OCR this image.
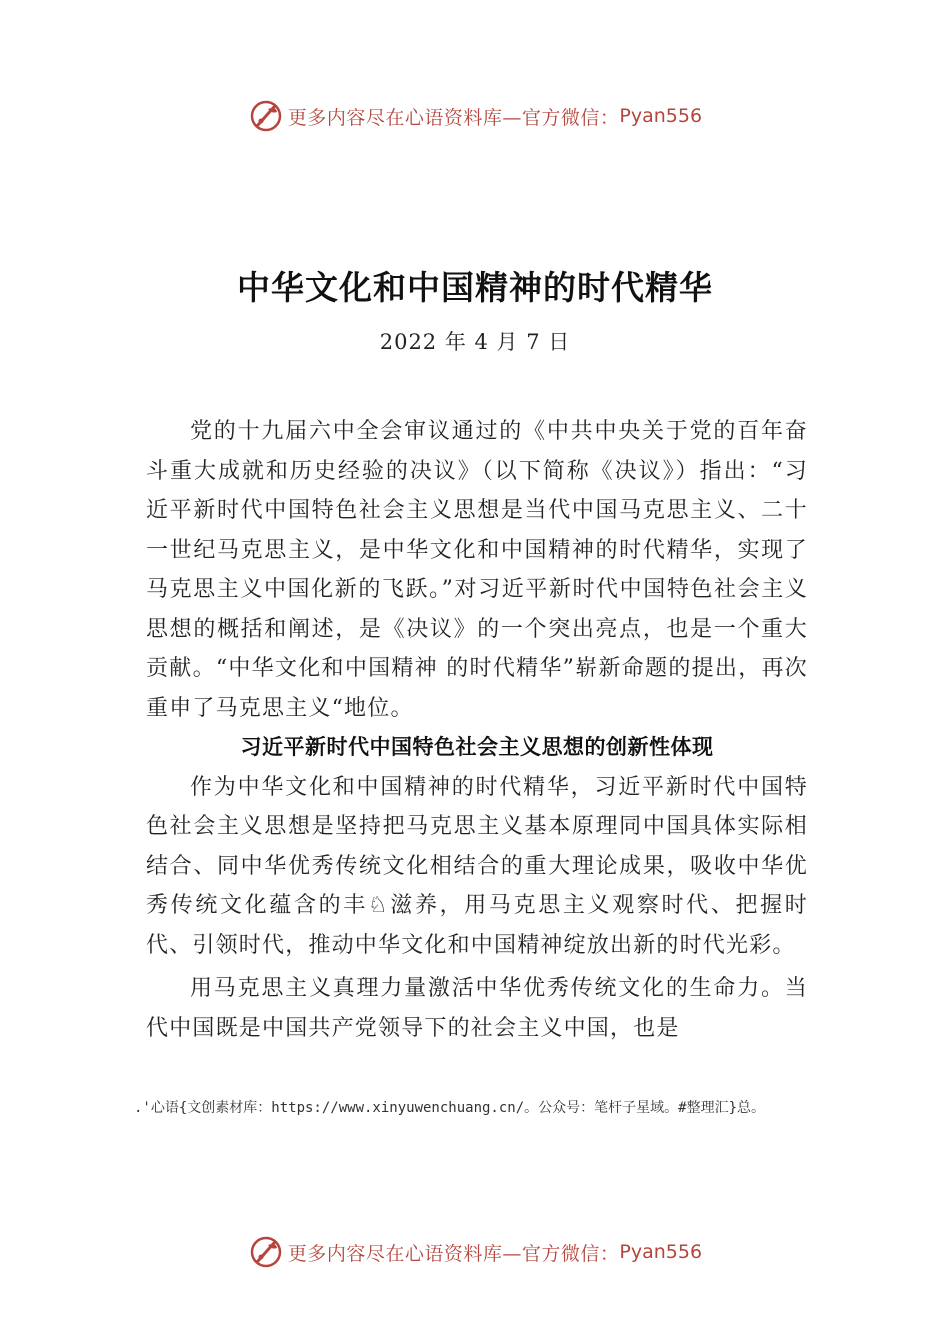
更多内容尽在心语资料库—官方微信： Pyan556
中华文化和中国精神的时代精华
2022 年 4 月 7 日

党的十九届六中全会审议通过的《中共中央关于党的百年奋斗重大成就和历史经验的决议》（以下简称《决议》）指出：“习近平新时代中国特色社会主义思想是当代中国马克思主义、二十一世纪马克思主义，是中华文化和中国精神的时代精华，实现了马克思主义中国化新的飞跃。”对习近平新时代中国特色社会主义思想的概括和阐述，是《决议》的一个突出亮点，也是一个重大贡献。“中华文化和中国精神 的时代精华”崭新命题的提出，再次重申了马克思主义“地位。

习近平新时代中国特色社会主义思想的创新性体现

作为中华文化和中国精神的时代精华，习近平新时代中国特色社会主义思想是坚持把马克思主义基本原理同中国具体实际相结合、同中华优秀传统文化相结合的重大理论成果，吸收中华优秀传统文化蕴含的丰♘滋养，用马克思主义观察时代、把握时代、引领时代，推动中华文化和中国精神绽放出新的时代光彩。

用马克思主义真理力量激活中华优秀传统文化的生命力。当代中国既是中国共产党领导下的社会主义中国，也是

.'心语{文创素材库：https://www.xinyuwenchuang.cn/。公众号：笔杆子星域。#整理汇}总。
更多内容尽在心语资料库—官方微信： Pyan556
